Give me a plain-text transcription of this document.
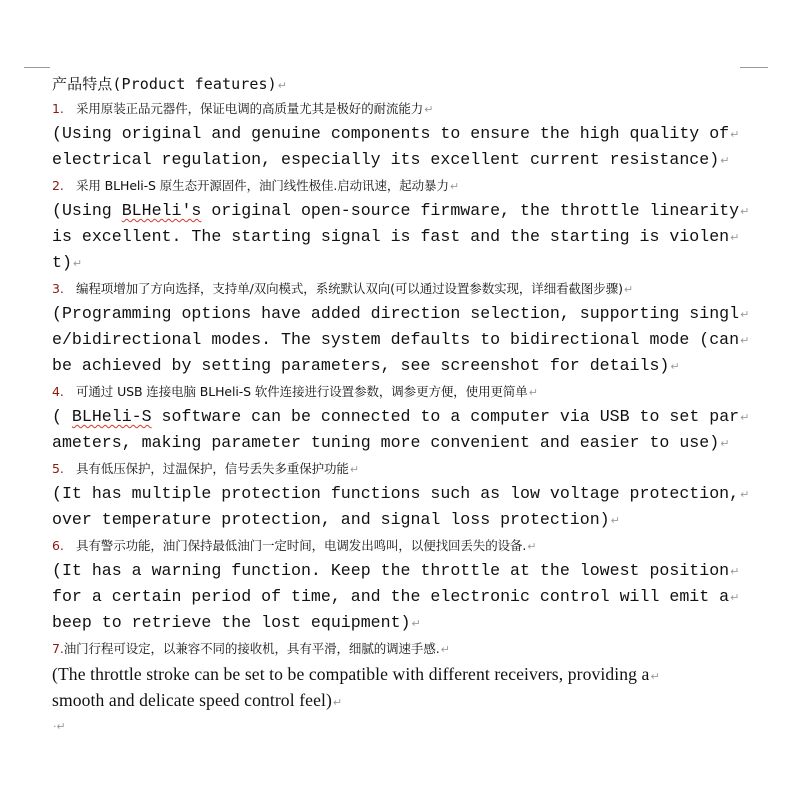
产品特点(Product features)↵
1. 采用原装正品元器件，保证电调的高质量尤其是极好的耐流能力↵
(Using original and genuine components to ensure the high quality of↵
electrical regulation, especially its excellent current resistance)↵
2. 采用 BLHeli-S 原生态开源固件，油门线性极佳.启动讯速，起动暴力↵
(Using BLHeli's original open-source firmware, the throttle linearity↵
is excellent. The starting signal is fast and the starting is violen↵
t)↵
3. 编程项增加了方向选择，支持单/双向模式，系统默认双向(可以通过设置参数实现，详细看截图步骤)↵
(Programming options have added direction selection, supporting singl↵
e/bidirectional modes. The system defaults to bidirectional mode (can↵
be achieved by setting parameters, see screenshot for details)↵
4. 可通过 USB 连接电脑 BLHeli-S 软件连接进行设置参数，调参更方便，使用更简单↵
( BLHeli-S software can be connected to a computer via USB to set par↵
ameters, making parameter tuning more convenient and easier to use)↵
5. 具有低压保护，过温保护，信号丢失多重保护功能↵
(It has multiple protection functions such as low voltage protection,↵
over temperature protection, and signal loss protection)↵
6. 具有警示功能，油门保持最低油门一定时间，电调发出鸣叫，以便找回丢失的设备.↵
(It has a warning function. Keep the throttle at the lowest position↵
for a certain period of time, and the electronic control will emit a↵
beep to retrieve the lost equipment)↵
7.油门行程可设定，以兼容不同的接收机，具有平滑，细腻的调速手感.↵
(The throttle stroke can be set to be compatible with different receivers, providing a↵
smooth and delicate speed control feel)↵
·↵
